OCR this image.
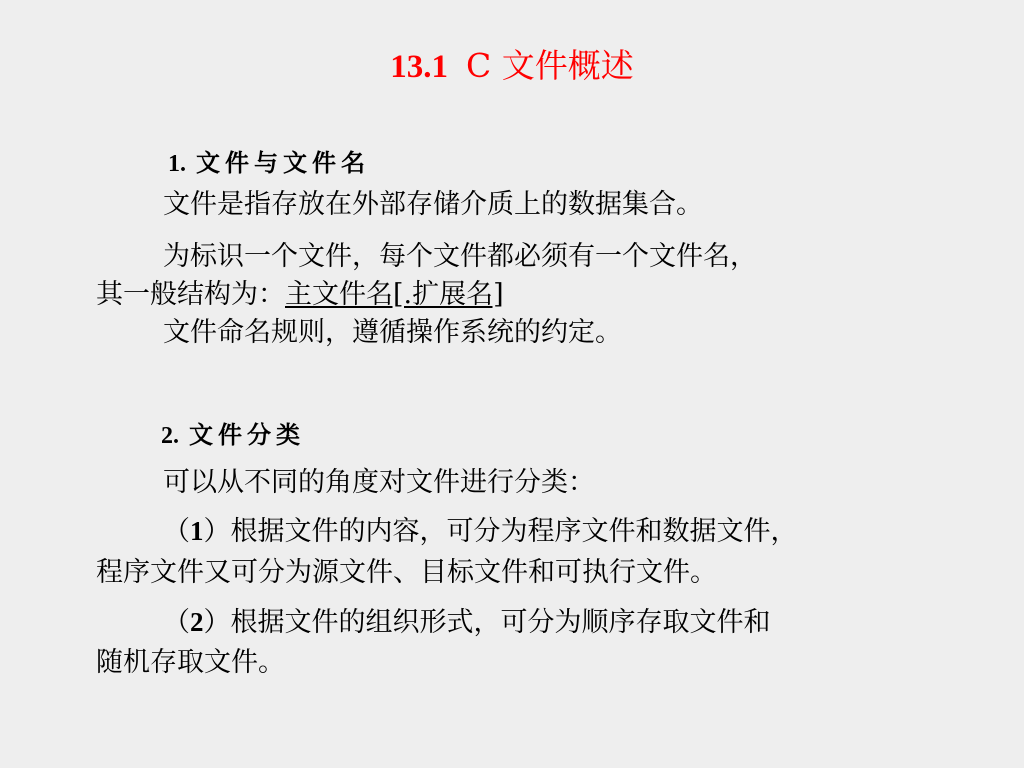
13.1 C 文件概述
1. 文件与文件名
文件是指存放在外部存储介质上的数据集合。
为标识一个文件，每个文件都必须有一个文件名，
其一般结构为：主文件名[.扩展名]
文件命名规则，遵循操作系统的约定。
2. 文件分类
可以从不同的角度对文件进行分类：
（1）根据文件的内容，可分为程序文件和数据文件，
程序文件又可分为源文件、目标文件和可执行文件。
（2）根据文件的组织形式，可分为顺序存取文件和
随机存取文件。
